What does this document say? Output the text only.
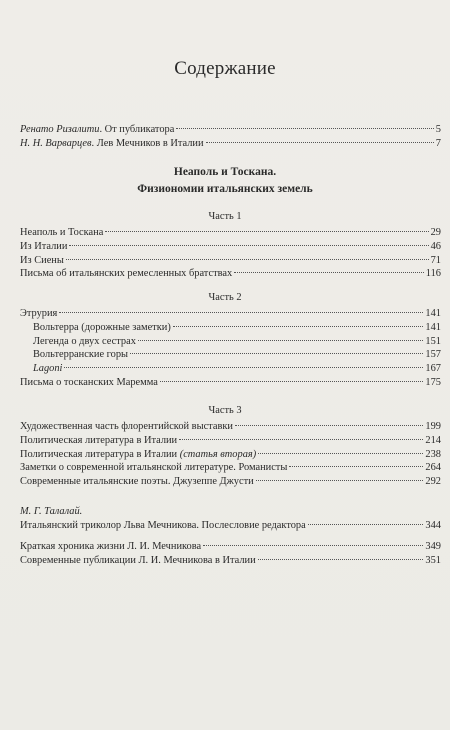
Содержание
Ренато Ризалити. От публикатора	5
Н. Н. Варварцев. Лев Мечников в Италии	7
Неаполь и Тоскана.
Физиономии итальянских земель
Часть 1
Неаполь и Тоскана	29
Из Италии	46
Из Сиены	71
Письма об итальянских ремесленных братствах	116
Часть 2
Этрурия	141
Вольтерра (дорожные заметки)	141
Легенда о двух сестрах	151
Вольтерранские горы	157
Lagoni	167
Письма о тосканских Маремма	175
Часть 3
Художественная часть флорентийской выставки	199
Политическая литература в Италии	214
Политическая литература в Италии (статья вторая)	238
Заметки о современной итальянской литературе. Романисты	264
Современные итальянские поэты. Джузеппе Джусти	292
М. Г. Талалай.
Итальянский триколор Льва Мечникова. Послесловие редактора	344
Краткая хроника жизни Л. И. Мечникова	349
Современные публикации Л. И. Мечникова в Италии	351
